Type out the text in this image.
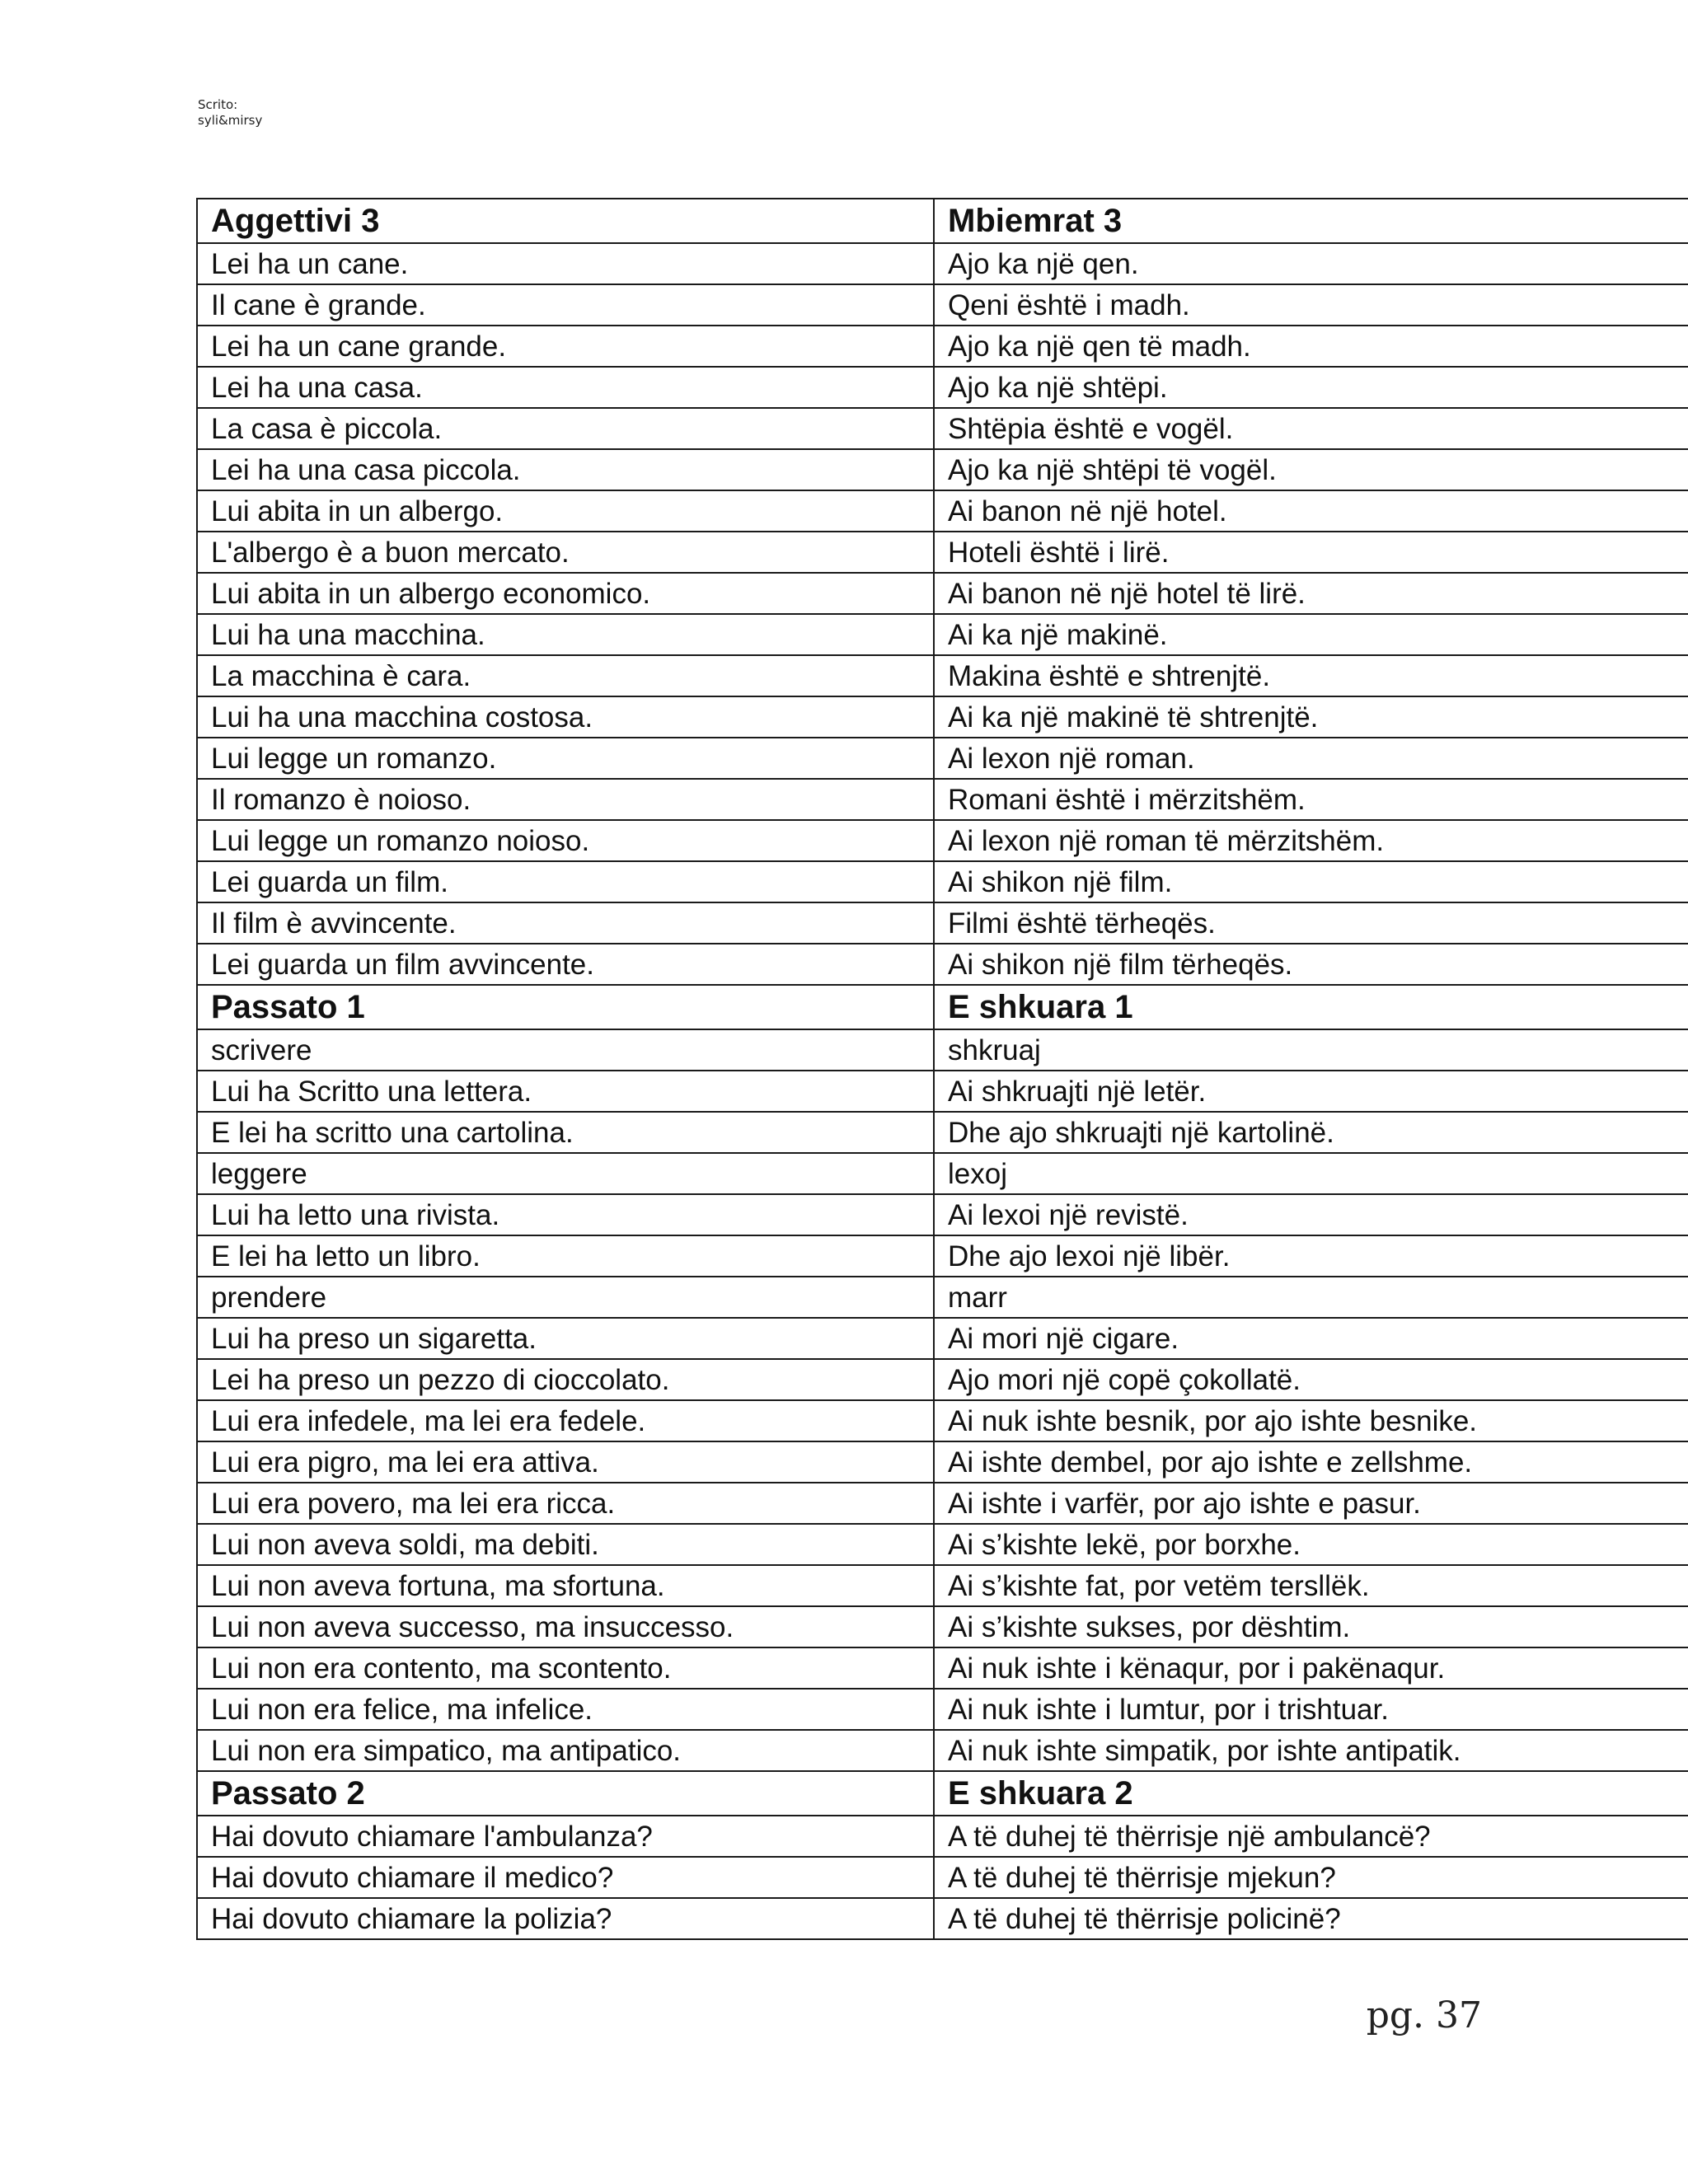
Scrito:
syli&mirsy
Aggettivi 3	Mbiemrat 3
Lei ha un cane.	Ajo ka një qen.
Il cane è grande.	Qeni është i madh.
Lei ha un cane grande.	Ajo ka një qen të madh.
Lei ha una casa.	Ajo ka një shtëpi.
La casa è piccola.	Shtëpia është e vogël.
Lei ha una casa piccola.	Ajo ka një shtëpi të vogël.
Lui abita in un albergo.	Ai banon në një hotel.
L'albergo è a buon mercato.	Hoteli është i lirë.
Lui abita in un albergo economico.	Ai banon në një hotel të lirë.
Lui ha una macchina.	Ai ka një makinë.
La macchina è cara.	Makina është e shtrenjtë.
Lui ha una macchina costosa.	Ai ka një makinë të shtrenjtë.
Lui legge un romanzo.	Ai lexon një roman.
Il romanzo è noioso.	Romani është i mërzitshëm.
Lui legge un romanzo noioso.	Ai lexon një roman të mërzitshëm.
Lei guarda un film.	Ai shikon një film.
Il film è avvincente.	Filmi është tërheqës.
Lei guarda un film avvincente.	Ai shikon një film tërheqës.
Passato 1	E shkuara 1
scrivere	shkruaj
Lui ha Scritto una lettera.	Ai shkruajti një letër.
E lei ha scritto una cartolina.	Dhe ajo shkruajti një kartolinë.
leggere	lexoj
Lui ha letto una rivista.	Ai lexoi një revistë.
E lei ha letto un libro.	Dhe ajo lexoi një libër.
prendere	marr
Lui ha preso un sigaretta.	Ai mori një cigare.
Lei ha preso un pezzo di cioccolato.	Ajo mori një copë çokollatë.
Lui era infedele, ma lei era fedele.	Ai nuk ishte besnik, por ajo ishte besnike.
Lui era pigro, ma lei era attiva.	Ai ishte dembel, por ajo ishte e zellshme.
Lui era povero, ma lei era ricca.	Ai ishte i varfër, por ajo ishte e pasur.
Lui non aveva soldi, ma debiti.	Ai s’kishte lekë, por borxhe.
Lui non aveva fortuna, ma sfortuna.	Ai s’kishte fat, por vetëm tersllëk.
Lui non aveva successo, ma insuccesso.	Ai s’kishte sukses, por dështim.
Lui non era contento, ma scontento.	Ai nuk ishte i kënaqur, por i pakënaqur.
Lui non era felice, ma infelice.	Ai nuk ishte i lumtur, por i trishtuar.
Lui non era simpatico, ma antipatico.	Ai nuk ishte simpatik, por ishte antipatik.
Passato 2	E shkuara 2
Hai dovuto chiamare l'ambulanza?	A të duhej të thërrisje një ambulancë?
Hai dovuto chiamare il medico?	A të duhej të thërrisje mjekun?
Hai dovuto chiamare la polizia?	A të duhej të thërrisje policinë?
pg. 37
